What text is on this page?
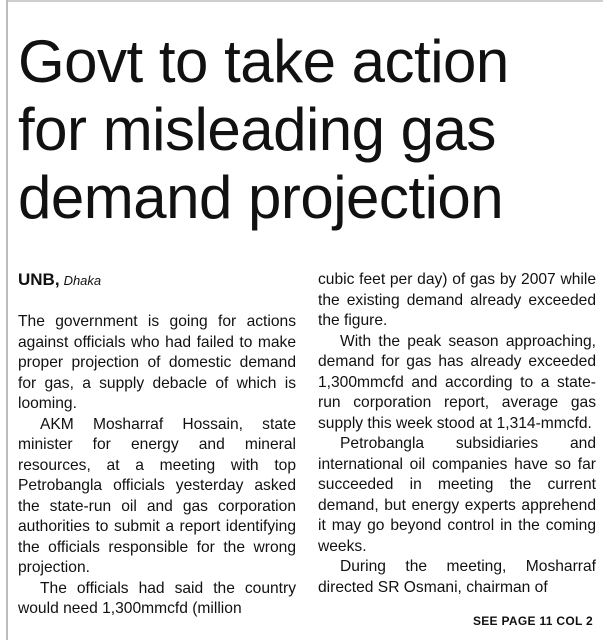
Govt to take action
for misleading gas
demand projection
UNB, Dhaka

The government is going for actions against officials who had failed to make proper projection of domestic demand for gas, a supply debacle of which is looming.

AKM Mosharraf Hossain, state minister for energy and mineral resources, at a meeting with top Petrobangla officials yesterday asked the state-run oil and gas corporation authorities to submit a report identifying the officials responsible for the wrong projection.

The officials had said the country would need 1,300mmcfd (million

cubic feet per day) of gas by 2007 while the existing demand already exceeded the figure.

With the peak season approaching, demand for gas has already exceeded 1,300mmcfd and according to a state-run corporation report, average gas supply this week stood at 1,314-mmcfd.

Petrobangla subsidiaries and international oil companies have so far succeeded in meeting the current demand, but energy experts apprehend it may go beyond control in the coming weeks.

During the meeting, Mosharraf directed SR Osmani, chairman of

SEE PAGE 11 COL 2
